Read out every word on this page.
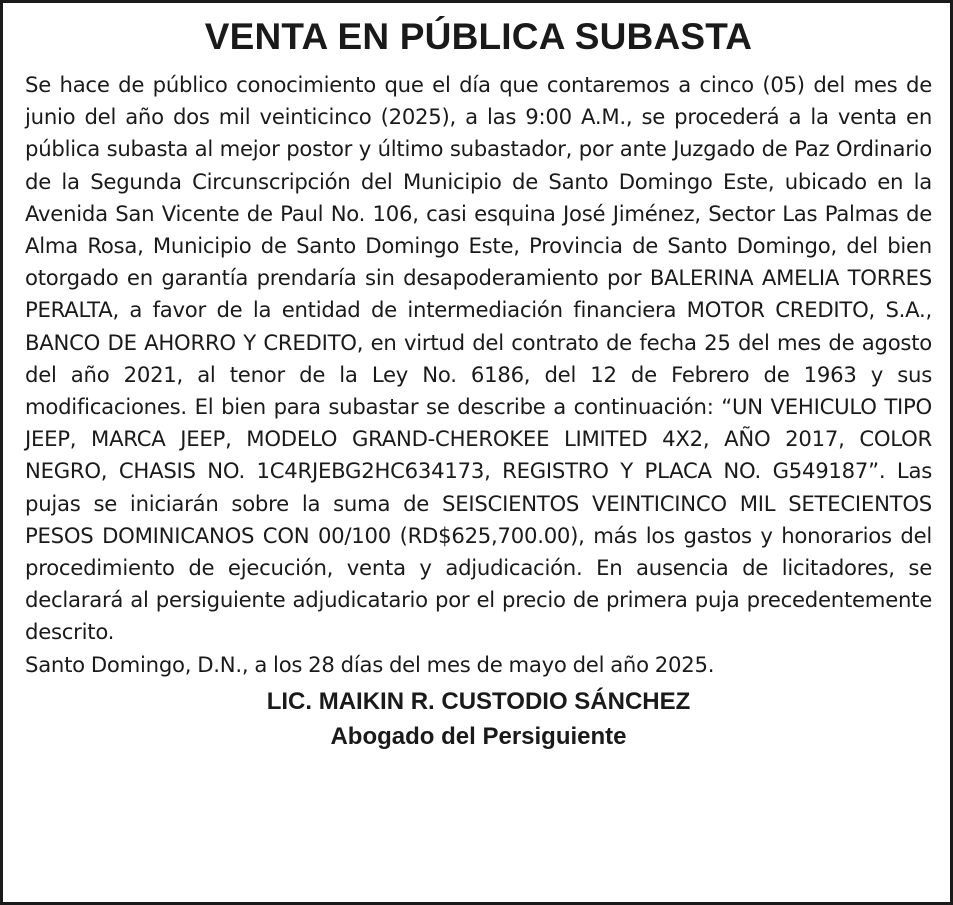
VENTA EN PÚBLICA SUBASTA

Se hace de público conocimiento que el día que contaremos a cinco (05) del mes de junio del año dos mil veinticinco (2025), a las 9:00 A.M., se procederá a la venta en pública subasta al mejor postor y último subastador, por ante Juzgado de Paz Ordinario de la Segunda Circunscripción del Municipio de Santo Domingo Este, ubicado en la Avenida San Vicente de Paul No. 106, casi esquina José Jiménez, Sector Las Palmas de Alma Rosa, Municipio de Santo Domingo Este, Provincia de Santo Domingo, del bien otorgado en garantía prendaría sin desapoderamiento por BALERINA AMELIA TORRES PERALTA, a favor de la entidad de intermediación financiera MOTOR CREDITO, S.A., BANCO DE AHORRO Y CREDITO, en virtud del contrato de fecha 25 del mes de agosto del año 2021, al tenor de la Ley No. 6186, del 12 de Febrero de 1963 y sus modificaciones. El bien para subastar se describe a continuación: “UN VEHICULO TIPO JEEP, MARCA JEEP, MODELO GRAND-CHEROKEE LIMITED 4X2, AÑO 2017, COLOR NEGRO, CHASIS NO. 1C4RJEBG2HC634173, REGISTRO Y PLACA NO. G549187”. Las pujas se iniciarán sobre la suma de SEISCIENTOS VEINTICINCO MIL SETECIENTOS PESOS DOMINICANOS CON 00/100 (RD$625,700.00), más los gastos y honorarios del procedimiento de ejecución, venta y adjudicación. En ausencia de licitadores, se declarará al persiguiente adjudicatario por el precio de primera puja precedentemente descrito.

Santo Domingo, D.N., a los 28 días del mes de mayo del año 2025.

LIC. MAIKIN R. CUSTODIO SÁNCHEZ

Abogado del Persiguiente
